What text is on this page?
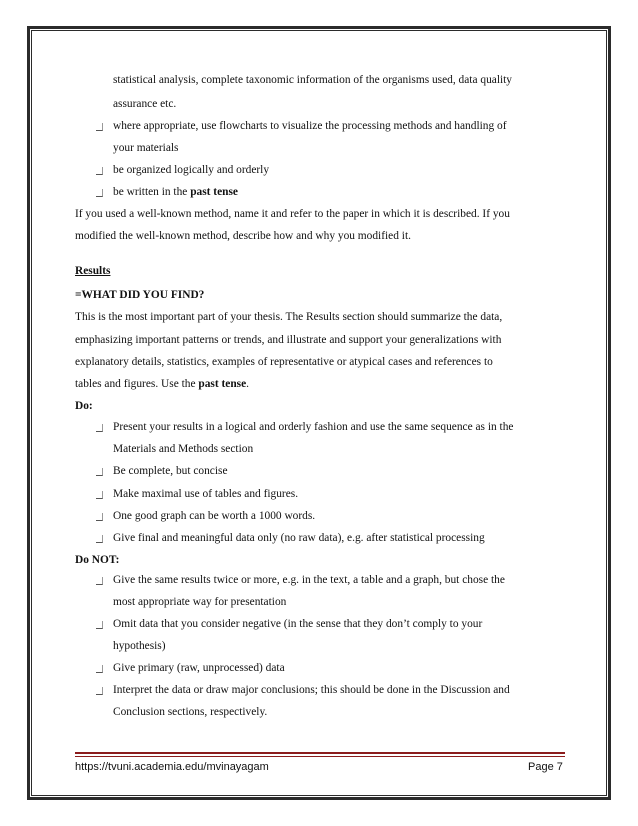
statistical analysis, complete taxonomic information of the organisms used, data quality
assurance etc.
where appropriate, use flowcharts to visualize the processing methods and handling of
your materials
be organized logically and orderly
be written in the past tense
If you used a well-known method, name it and refer to the paper in which it is described. If you
modified the well-known method, describe how and why you modified it.
Results
=WHAT DID YOU FIND?
This is the most important part of your thesis. The Results section should summarize the data,
emphasizing important patterns or trends, and illustrate and support your generalizations with
explanatory details, statistics, examples of representative or atypical cases and references to
tables and figures. Use the past tense.
Do:
Present your results in a logical and orderly fashion and use the same sequence as in the
Materials and Methods section
Be complete, but concise
Make maximal use of tables and figures.
One good graph can be worth a 1000 words.
Give final and meaningful data only (no raw data), e.g. after statistical processing
Do NOT:
Give the same results twice or more, e.g. in the text, a table and a graph, but chose the
most appropriate way for presentation
Omit data that you consider negative (in the sense that they don’t comply to your
hypothesis)
Give primary (raw, unprocessed) data
Interpret the data or draw major conclusions; this should be done in the Discussion and
Conclusion sections, respectively.
https://tvuni.academia.edu/mvinayagam	Page 7
